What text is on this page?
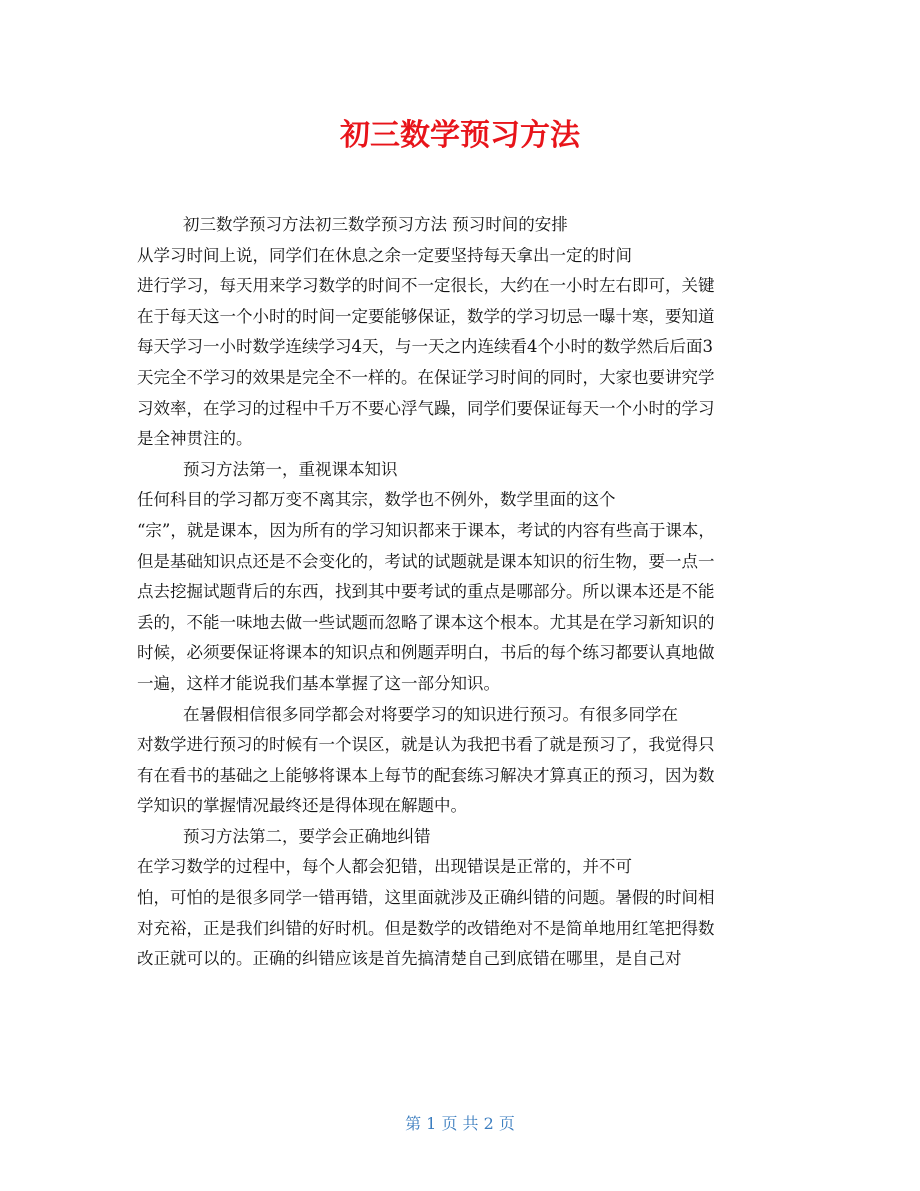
初三数学预习方法
初三数学预习方法初三数学预习方法 预习时间的安排
从学习时间上说，同学们在休息之余一定要坚持每天拿出一定的时间
进行学习，每天用来学习数学的时间不一定很长，大约在一小时左右即可，关键
在于每天这一个小时的时间一定要能够保证，数学的学习切忌一曝十寒，要知道
每天学习一小时数学连续学习4天，与一天之内连续看4个小时的数学然后后面3
天完全不学习的效果是完全不一样的。在保证学习时间的同时，大家也要讲究学
习效率，在学习的过程中千万不要心浮气躁，同学们要保证每天一个小时的学习
是全神贯注的。
预习方法第一，重视课本知识
任何科目的学习都万变不离其宗，数学也不例外，数学里面的这个
“宗”，就是课本，因为所有的学习知识都来于课本，考试的内容有些高于课本，
但是基础知识点还是不会变化的，考试的试题就是课本知识的衍生物，要一点一
点去挖掘试题背后的东西，找到其中要考试的重点是哪部分。所以课本还是不能
丢的，不能一味地去做一些试题而忽略了课本这个根本。尤其是在学习新知识的
时候，必须要保证将课本的知识点和例题弄明白，书后的每个练习都要认真地做
一遍，这样才能说我们基本掌握了这一部分知识。
在暑假相信很多同学都会对将要学习的知识进行预习。有很多同学在
对数学进行预习的时候有一个误区，就是认为我把书看了就是预习了，我觉得只
有在看书的基础之上能够将课本上每节的配套练习解决才算真正的预习，因为数
学知识的掌握情况最终还是得体现在解题中。
预习方法第二，要学会正确地纠错
在学习数学的过程中，每个人都会犯错，出现错误是正常的，并不可
怕，可怕的是很多同学一错再错，这里面就涉及正确纠错的问题。暑假的时间相
对充裕，正是我们纠错的好时机。但是数学的改错绝对不是简单地用红笔把得数
改正就可以的。正确的纠错应该是首先搞清楚自己到底错在哪里，是自己对
第 1 页 共 2 页
